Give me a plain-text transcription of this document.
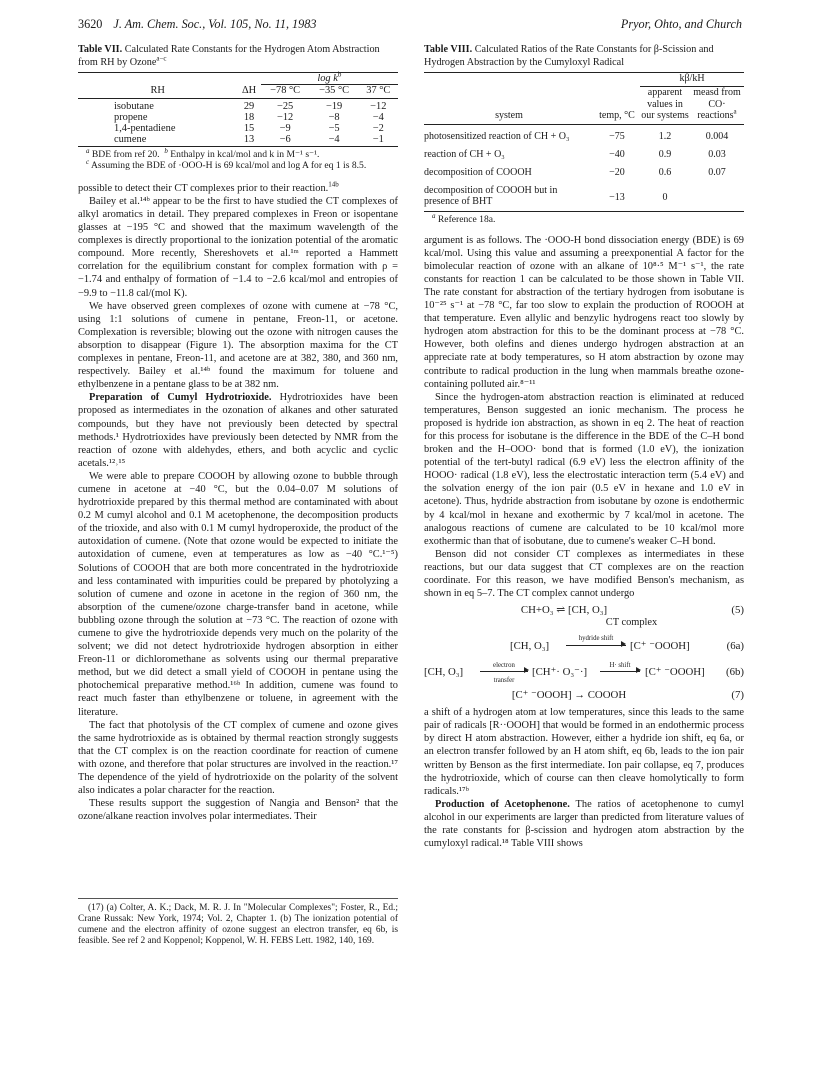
3620 J. Am. Chem. Soc., Vol. 105, No. 11, 1983	Pryor, Ohto, and Church
Table VII. Calculated Rate Constants for the Hydrogen Atom Abstraction from RH by Ozone$^{a-c}$
		$\log k^b$
RH	ΔH	−78 °C	−35 °C	37 °C
isobutane	29	−25	−19	−12
propene	18	−12	−8	−4
1,4-pentadiene	15	−9	−5	−2
cumene	13	−6	−4	−1
$^a$ BDE from ref 20. $^b$ Enthalpy in kcal/mol and k in M⁻¹ s⁻¹.
$^c$ Assuming the BDE of ·OOO-H is 69 kcal/mol and log A for eq 1 is 8.5.

possible to detect their CT complexes prior to their reaction.$^{14b}$

Bailey et al.¹⁴ᵇ appear to be the first to have studied the CT complexes of alkyl aromatics in detail. They prepared complexes in Freon or isopentane glasses at −195 °C and showed that the maximum wavelength of the complexes is directly proportional to the ionization potential of the aromatic compound. More recently, Shereshovets et al.¹ᵐ reported a Hammett correlation for the equilibrium constant for complex formation with ρ = −1.74 and enthalpy of formation of −1.4 to −2.6 kcal/mol and entropies of −9.9 to −11.8 cal/(mol K).

We have observed green complexes of ozone with cumene at −78 °C, using 1:1 solutions of cumene in pentane, Freon-11, or acetone. Complexation is reversible; blowing out the ozone with nitrogen causes the absorption to disappear (Figure 1). The absorption maxima for the CT complexes in pentane, Freon-11, and acetone are at 382, 380, and 360 nm, respectively. Bailey et al.¹⁴ᵇ found the maximum for toluene and ethylbenzene in a pentane glass to be at 382 nm.

Preparation of Cumyl Hydrotrioxide. Hydrotrioxides have been proposed as intermediates in the ozonation of alkanes and other saturated compounds, but they have not previously been detected by spectral methods.¹ Hydrotrioxides have previously been detected by NMR from the reaction of ozone with aldehydes, ethers, and both acyclic and cyclic acetals.¹²˒¹⁵

We were able to prepare COOOH by allowing ozone to bubble through cumene in acetone at −40 °C, but the 0.04–0.07 M solutions of hydrotrioxide prepared by this thermal method are contaminated with about 0.2 M cumyl alcohol and 0.1 M acetophenone, the decomposition products of the trioxide, and also with 0.1 M cumyl hydroperoxide, the product of the autoxidation of cumene. (Note that ozone would be expected to initiate the autoxidation of cumene, even at temperatures as low as −40 °C.¹⁻⁵) Solutions of COOOH that are both more concentrated in the hydrotrioxide and less contaminated with impurities could be prepared by photolyzing a solution of cumene and ozone in acetone in the region of 360 nm, the absorption of the cumene/ozone charge-transfer band in acetone, while bubbling ozone through the solution at −73 °C. The reaction of ozone with cumene to give the hydrotrioxide depends very much on the polarity of the solvent; we did not detect hydrotrioxide hydrogen absorption in either Freon-11 or dichloromethane as solvents using our thermal preparative method, but we did detect a small yield of COOOH in pentane using the photochemical preparative method.¹⁶ᵇ In addition, cumene was found to react much faster than ethylbenzene or toluene, in agreement with the literature.

The fact that photolysis of the CT complex of cumene and ozone gives the same hydrotrioxide as is obtained by thermal reaction strongly suggests that the CT complex is on the reaction coordinate for reaction of cumene with ozone, and therefore that polar structures are involved in the reaction.¹⁷ The dependence of the yield of hydrotrioxide on the polarity of the solvent also indicates a polar character for the reaction.

These results support the suggestion of Nangia and Benson² that the ozone/alkane reaction involves polar intermediates. Their

(17) (a) Colter, A. K.; Dack, M. R. J. In "Molecular Complexes"; Foster, R., Ed.; Crane Russak: New York, 1974; Vol. 2, Chapter 1. (b) The ionization potential of cumene and the electron affinity of ozone suggest an electron transfer, eq 6b, is feasible. See ref 2 and Koppenol; Koppenol, W. H. FEBS Lett. 1982, 140, 169.

Table VIII. Calculated Ratios of the Rate Constants for β-Scission and Hydrogen Abstraction by the Cumyloxyl Radical
		kβ/kH	
system	temp, °C	apparent values in our systems	measd from CO· reactions$^a$
photosensitized reaction of CH + O₃	−75	1.2	0.004
reaction of CH + O₃	−40	0.9	0.03
decomposition of COOOH	−20	0.6	0.07
decomposition of COOOH but in presence of BHT	−13	0	
$^a$ Reference 18a.

argument is as follows. The ·OOO-H bond dissociation energy (BDE) is 69 kcal/mol. Using this value and assuming a preexponential A factor for the bimolecular reaction of ozone with an alkane of 10⁸·⁵ M⁻¹ s⁻¹, the rate constants for reaction 1 can be calculated to be those shown in Table VII. The rate constant for abstraction of the tertiary hydrogen from isobutane is 10⁻²⁵ s⁻¹ at −78 °C, far too slow to explain the production of ROOOH at that temperature. Even allylic and benzylic hydrogens react too slowly by hydrogen atom abstraction for this to be the dominant process at −78 °C. However, both olefins and dienes undergo hydrogen abstraction at an appreciate rate at body temperatures, so H atom abstraction by ozone may contribute to radical production in the lung when mammals breathe ozone-containing polluted air.⁸⁻¹¹

Since the hydrogen-atom abstraction reaction is eliminated at reduced temperatures, Benson suggested an ionic mechanism. The process he proposed is hydride ion abstraction, as shown in eq 2. The heat of reaction for this process for isobutane is the difference in the BDE of the C–H bond broken and the H–OOO· bond that is formed (1.0 eV), the ionization potential of the tert-butyl radical (6.9 eV) less the electron affinity of the HOOO· radical (1.8 eV), less the electrostatic interaction term (5.4 eV) and the solvation energy of the ion pair (0.5 eV in hexane and 1.0 eV in acetone). Thus, hydride abstraction from isobutane by ozone is endothermic by 4 kcal/mol in hexane and exothermic by 7 kcal/mol in acetone. The analogous reactions of cumene are calculated to be 10 kcal/mol more exothermic than that of isobutane, due to cumene's weaker C–H bond.

Benson did not consider CT complexes as intermediates in these reactions, but our data suggest that CT complexes are on the reaction coordinate. For this reason, we have modified Benson's mechanism, as shown in eq 5–7. The CT complex cannot undergo

CH+O₃ ⇌ [CH, O₃]
CT complex
(5)
[CH, O₃]
hydride shift
[C⁺ ⁻OOOH]	(6a)
[CH, O₃]
electron
transfer
[CH⁺· O₃⁻·]
H· shift
[C⁺ ⁻OOOH] (6b)
[C⁺ ⁻OOOH] → COOOH	(7)

a shift of a hydrogen atom at low temperatures, since this leads to the same pair of radicals [R··OOOH] that would be formed in an endothermic process by direct H atom abstraction. However, either a hydride ion shift, eq 6a, or an electron transfer followed by an H atom shift, eq 6b, leads to the ion pair written by Benson as the first intermediate. Ion pair collapse, eq 7, produces the hydrotrioxide, which of course can then cleave homolytically to form radicals.¹⁷ᵇ

Production of Acetophenone. The ratios of acetophenone to cumyl alcohol in our experiments are larger than predicted from literature values of the rate constants for β-scission and hydrogen atom abstraction by the cumyloxyl radical.¹⁸ Table VIII shows
